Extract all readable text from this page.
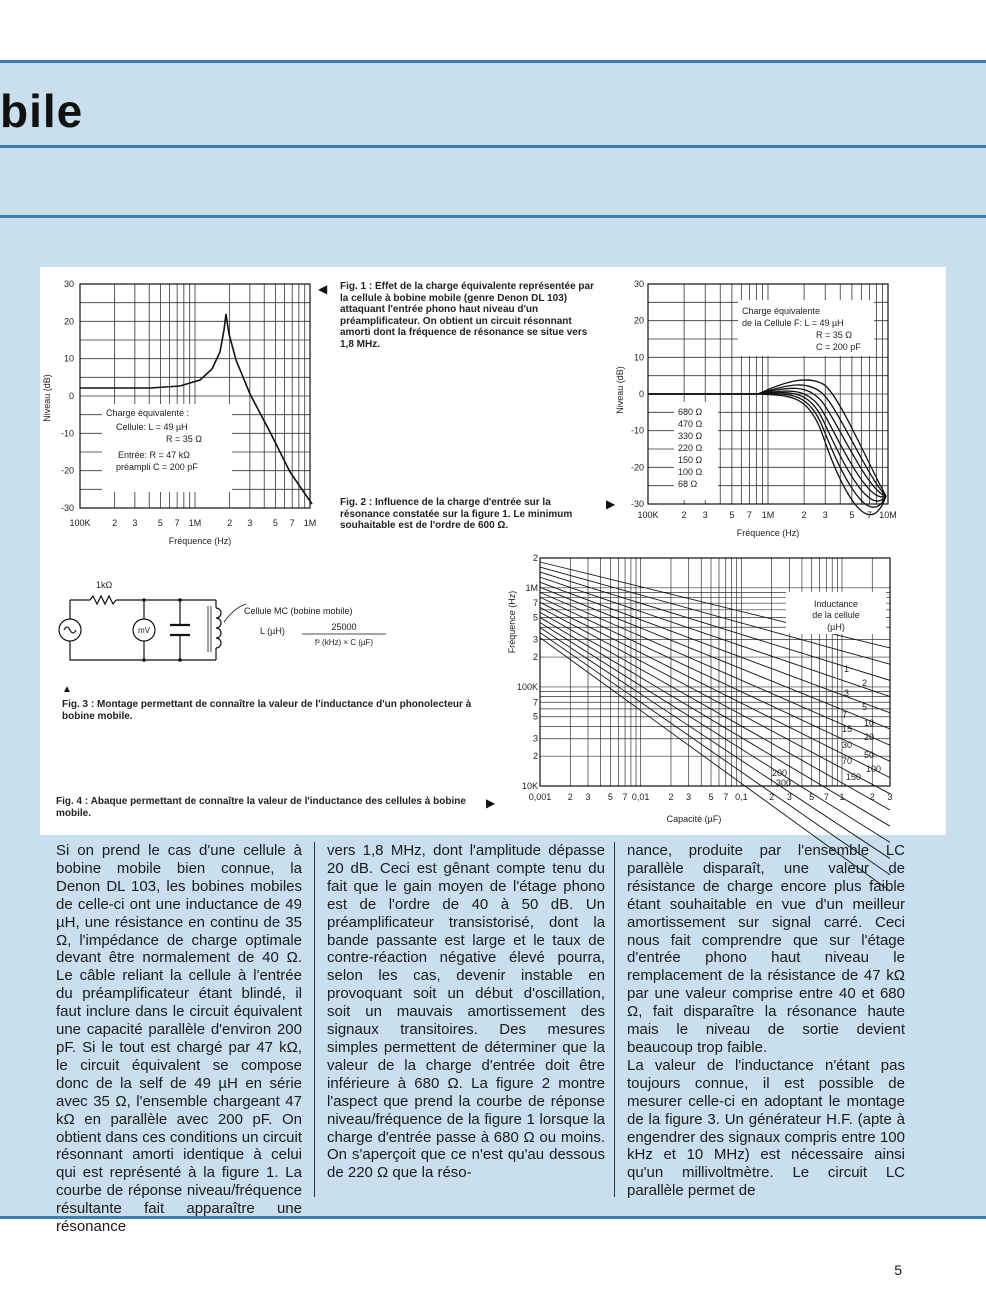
bile
30
20
10
0
-10
-20
-30
100K 2 3 5 7 1M	2 3 5 7 1M
Niveau (dB)
Fréquence (Hz)
Charge équivalente :
Cellule: L = 49 µH
R = 35 Ω
Entrée: R = 47 kΩ
préampli C = 200 pF
◀ Fig. 1 : Effet de la charge équivalente représentée par la cellule à bobine mobile (genre Denon DL 103) attaquant l'entrée phono haut niveau d'un préamplificateur. On obtient un circuit résonnant amorti dont la fréquence de résonance se situe vers 1,8 MHz.
30
20
10
0
-10
-20
-30
100K	2 3 5 7 1M	2 3 5 7 10M
Niveau (dB)
Fréquence (Hz)
Charge équivalente
de la Cellule F: L = 49 µH
R = 35 Ω
C = 200 pF
680 Ω
470 Ω
330 Ω
220 Ω
150 Ω
100 Ω
68 Ω
Fig. 2 : Influence de la charge d'entrée sur la résonance constatée sur la figure 1. Le minimum souhaitable est de l'ordre de 600 Ω.
▶
1kΩ
mV
Cellule MC (bobine mobile)
L (µH)	25000
f² (kHz) × C (µF)
▲
Fig. 3 : Montage permettant de connaître la valeur de l'inductance d'un phonolecteur à bobine mobile.
2
1M
7
5
3
2
100K
7
5
3
2
10K
0,001 2 3 5 7 0,01 2 3 5 7 0,1 2 3 5 7 1	2 3
1
2
3
5
7
10
15
20
30
50
70
100
150
200
300
Fréquence (Hz)
Capacité (µF)
Inductance
de la cellule
(µH)
Fig. 4 : Abaque permettant de connaître la valeur de l'inductance des cellules à bobine mobile.
▶

Si on prend le cas d'une cellule à bobine mobile bien connue, la Denon DL 103, les bobines mobiles de celle-ci ont une inductance de 49 µH, une résistance en continu de 35 Ω, l'impédance de charge optimale devant être normalement de 40 Ω. Le câble reliant la cellule à l'entrée du préamplificateur étant blindé, il faut inclure dans le circuit équivalent une capacité parallèle d'environ 200 pF. Si le tout est chargé par 47 kΩ, le circuit équivalent se compose donc de la self de 49 µH en série avec 35 Ω, l'ensemble chargeant 47 kΩ en parallèle avec 200 pF. On obtient dans ces conditions un circuit résonnant amorti identique à celui qui est représenté à la figure 1. La courbe de réponse niveau/fréquence résultante fait apparaître une résonance

vers 1,8 MHz, dont l'amplitude dépasse 20 dB. Ceci est gênant compte tenu du fait que le gain moyen de l'étage phono est de l'ordre de 40 à 50 dB. Un préamplificateur transistorisé, dont la bande passante est large et le taux de contre-réaction négative élevé pourra, selon les cas, devenir instable en provoquant soit un début d'oscillation, soit un mauvais amortissement des signaux transitoires. Des mesures simples permettent de déterminer que la valeur de la charge d'entrée doit être inférieure à 680 Ω. La figure 2 montre l'aspect que prend la courbe de réponse niveau/fréquence de la figure 1 lorsque la charge d'entrée passe à 680 Ω ou moins. On s'aperçoit que ce n'est qu'au dessous de 220 Ω que la réso-

nance, produite par l'ensemble LC parallèle disparaît, une valeur de résistance de charge encore plus faible étant souhaitable en vue d'un meilleur amortissement sur signal carré. Ceci nous fait comprendre que sur l'étage d'entrée phono haut niveau le remplacement de la résistance de 47 kΩ par une valeur comprise entre 40 et 680 Ω, fait disparaître la résonance haute mais le niveau de sortie devient beaucoup trop faible.

La valeur de l'inductance n'étant pas toujours connue, il est possible de mesurer celle-ci en adoptant le montage de la figure 3. Un générateur H.F. (apte à engendrer des signaux compris entre 100 kHz et 10 MHz) est nécessaire ainsi qu'un millivoltmètre. Le circuit LC parallèle permet de

5
